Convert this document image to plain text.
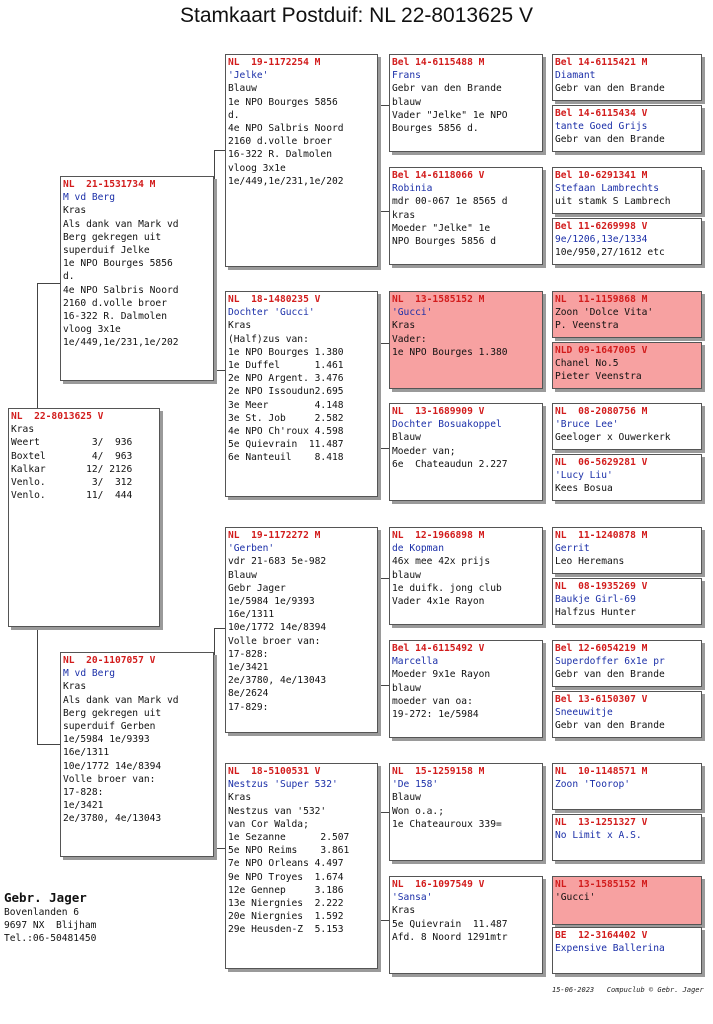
Stamkaart Postduif: NL 22-8013625 V
NL  22-8013625 V
Kras
Weert         3/  936
Boxtel        4/  963
Kalkar       12/ 2126
Venlo.        3/  312
Venlo.       11/  444
NL  21-1531734 M
M vd Berg
Kras
Als dank van Mark vd
Berg gekregen uit
superduif Jelke
1e NPO Bourges 5856
d.
4e NPO Salbris Noord
2160 d.volle broer
16-322 R. Dalmolen
vloog 3x1e
1e/449,1e/231,1e/202
NL  20-1107057 V
M vd Berg
Kras
Als dank van Mark vd
Berg gekregen uit
superduif Gerben
1e/5984 1e/9393
16e/1311
10e/1772 14e/8394
Volle broer van:
17-828:
1e/3421
2e/3780, 4e/13043
NL  19-1172254 M
'Jelke'
Blauw
1e NPO Bourges 5856
d.
4e NPO Salbris Noord
2160 d.volle broer
16-322 R. Dalmolen
vloog 3x1e
1e/449,1e/231,1e/202
NL  18-1480235 V
Dochter 'Gucci'
Kras
(Half)zus van:
1e NPO Bourges 1.380
1e Duffel      1.461
2e NPO Argent. 3.476
2e NPO Issoudun2.695
3e Meer        4.148
3e St. Job     2.582
4e NPO Ch'roux 4.598
5e Quievrain  11.487
6e Nanteuil    8.418
NL  19-1172272 M
'Gerben'
vdr 21-683 5e-982
Blauw
Gebr Jager
1e/5984 1e/9393
16e/1311
10e/1772 14e/8394
Volle broer van:
17-828:
1e/3421
2e/3780, 4e/13043
8e/2624
17-829:
NL  18-5100531 V
Nestzus 'Super 532'
Kras
Nestzus van '532'
van Cor Walda;
1e Sezanne      2.507
5e NPO Reims    3.861
7e NPO Orleans 4.497
9e NPO Troyes  1.674
12e Gennep     3.186
13e Niergnies  2.222
20e Niergnies  1.592
29e Heusden-Z  5.153
Bel 14-6115488 M
Frans
Gebr van den Brande
blauw
Vader "Jelke" 1e NPO
Bourges 5856 d.
Bel 14-6118066 V
Robinia
mdr 00-067 1e 8565 d
kras
Moeder "Jelke" 1e
NPO Bourges 5856 d
NL  13-1585152 M
'Gucci'
Kras
Vader:
1e NPO Bourges 1.380
NL  13-1689909 V
Dochter Bosuakoppel
Blauw
Moeder van;
6e  Chateaudun 2.227
NL  12-1966898 M
de Kopman
46x mee 42x prijs
blauw
1e duifk. jong club
Vader 4x1e Rayon
Bel 14-6115492 V
Marcella
Moeder 9x1e Rayon
blauw
moeder van oa:
19-272: 1e/5984
NL  15-1259158 M
'De 158'
Blauw
Won o.a.;
1e Chateauroux 339=
NL  16-1097549 V
'Sansa'
Kras
5e Quievrain  11.487
Afd. 8 Noord 1291mtr
Bel 14-6115421 M
Diamant
Gebr van den Brande
Bel 14-6115434 V
tante Goed Grijs
Gebr van den Brande
Bel 10-6291341 M
Stefaan Lambrechts
uit stamk S Lambrech
Bel 11-6269998 V
9e/1206,13e/1334
10e/950,27/1612 etc
NL  11-1159868 M
Zoon 'Dolce Vita'
P. Veenstra
NLD 09-1647005 V
Chanel No.5
Pieter Veenstra
NL  08-2080756 M
'Bruce Lee'
Geeloger x Ouwerkerk
NL  06-5629281 V
'Lucy Liu'
Kees Bosua
NL  11-1240878 M
Gerrit
Leo Heremans
NL  08-1935269 V
Baukje Girl-69
Halfzus Hunter
Bel 12-6054219 M
Superdoffer 6x1e pr
Gebr van den Brande
Bel 13-6150307 V
Sneeuwitje
Gebr van den Brande
NL  10-1148571 M
Zoon 'Toorop'
NL  13-1251327 V
No Limit x A.S.
NL  13-1585152 M
'Gucci'
BE  12-3164402 V
Expensive Ballerina
Gebr. Jager
Bovenlanden 6
9697 NX  Blijham
Tel.:06-50481450
15-06-2023   Compuclub © Gebr. Jager
